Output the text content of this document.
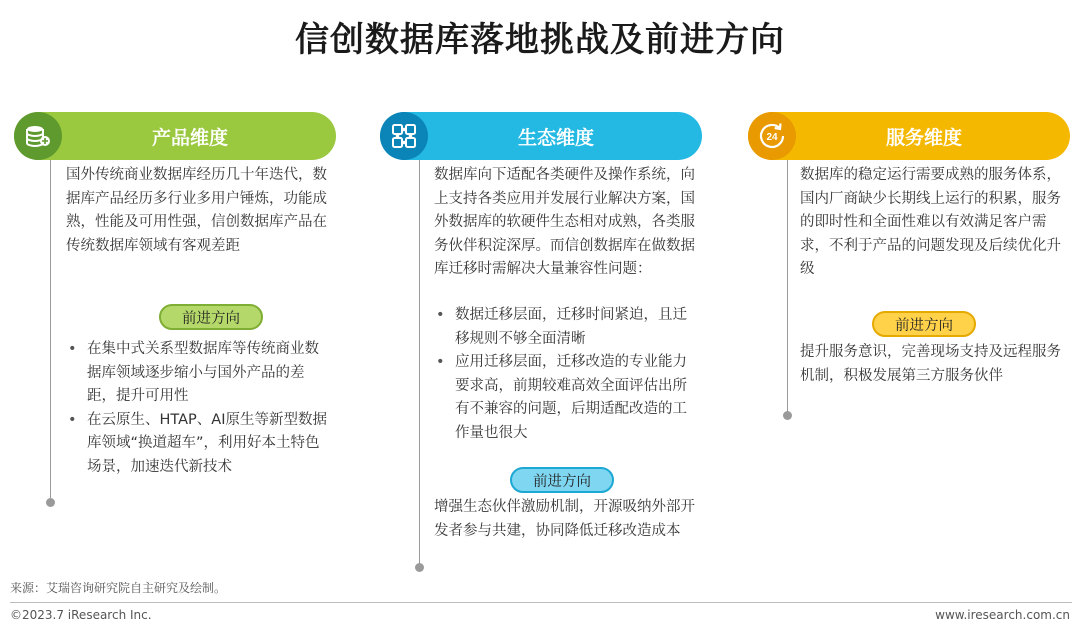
信创数据库落地挑战及前进方向
产品维度
国外传统商业数据库经历几十年迭代，数据库产品经历多行业多用户锤炼，功能成熟，性能及可用性强，信创数据库产品在传统数据库领域有客观差距
前进方向
• 在集中式关系型数据库等传统商业数据库领域逐步缩小与国外产品的差距，提升可用性
• 在云原生、HTAP、AI原生等新型数据库领域“换道超车”，利用好本土特色场景，加速迭代新技术
生态维度
数据库向下适配各类硬件及操作系统，向上支持各类应用并发展行业解决方案，国外数据库的软硬件生态相对成熟，各类服务伙伴积淀深厚。而信创数据库在做数据库迁移时需解决大量兼容性问题：
• 数据迁移层面，迁移时间紧迫，且迁移规则不够全面清晰
• 应用迁移层面，迁移改造的专业能力要求高，前期较难高效全面评估出所有不兼容的问题，后期适配改造的工作量也很大
前进方向
增强生态伙伴激励机制，开源吸纳外部开发者参与共建，协同降低迁移改造成本
24	服务维度
数据库的稳定运行需要成熟的服务体系，国内厂商缺少长期线上运行的积累，服务的即时性和全面性难以有效满足客户需求，不利于产品的问题发现及后续优化升级
前进方向
提升服务意识，完善现场支持及远程服务机制，积极发展第三方服务伙伴
来源：艾瑞咨询研究院自主研究及绘制。
©2023.7 iResearch Inc.	www.iresearch.com.cn
